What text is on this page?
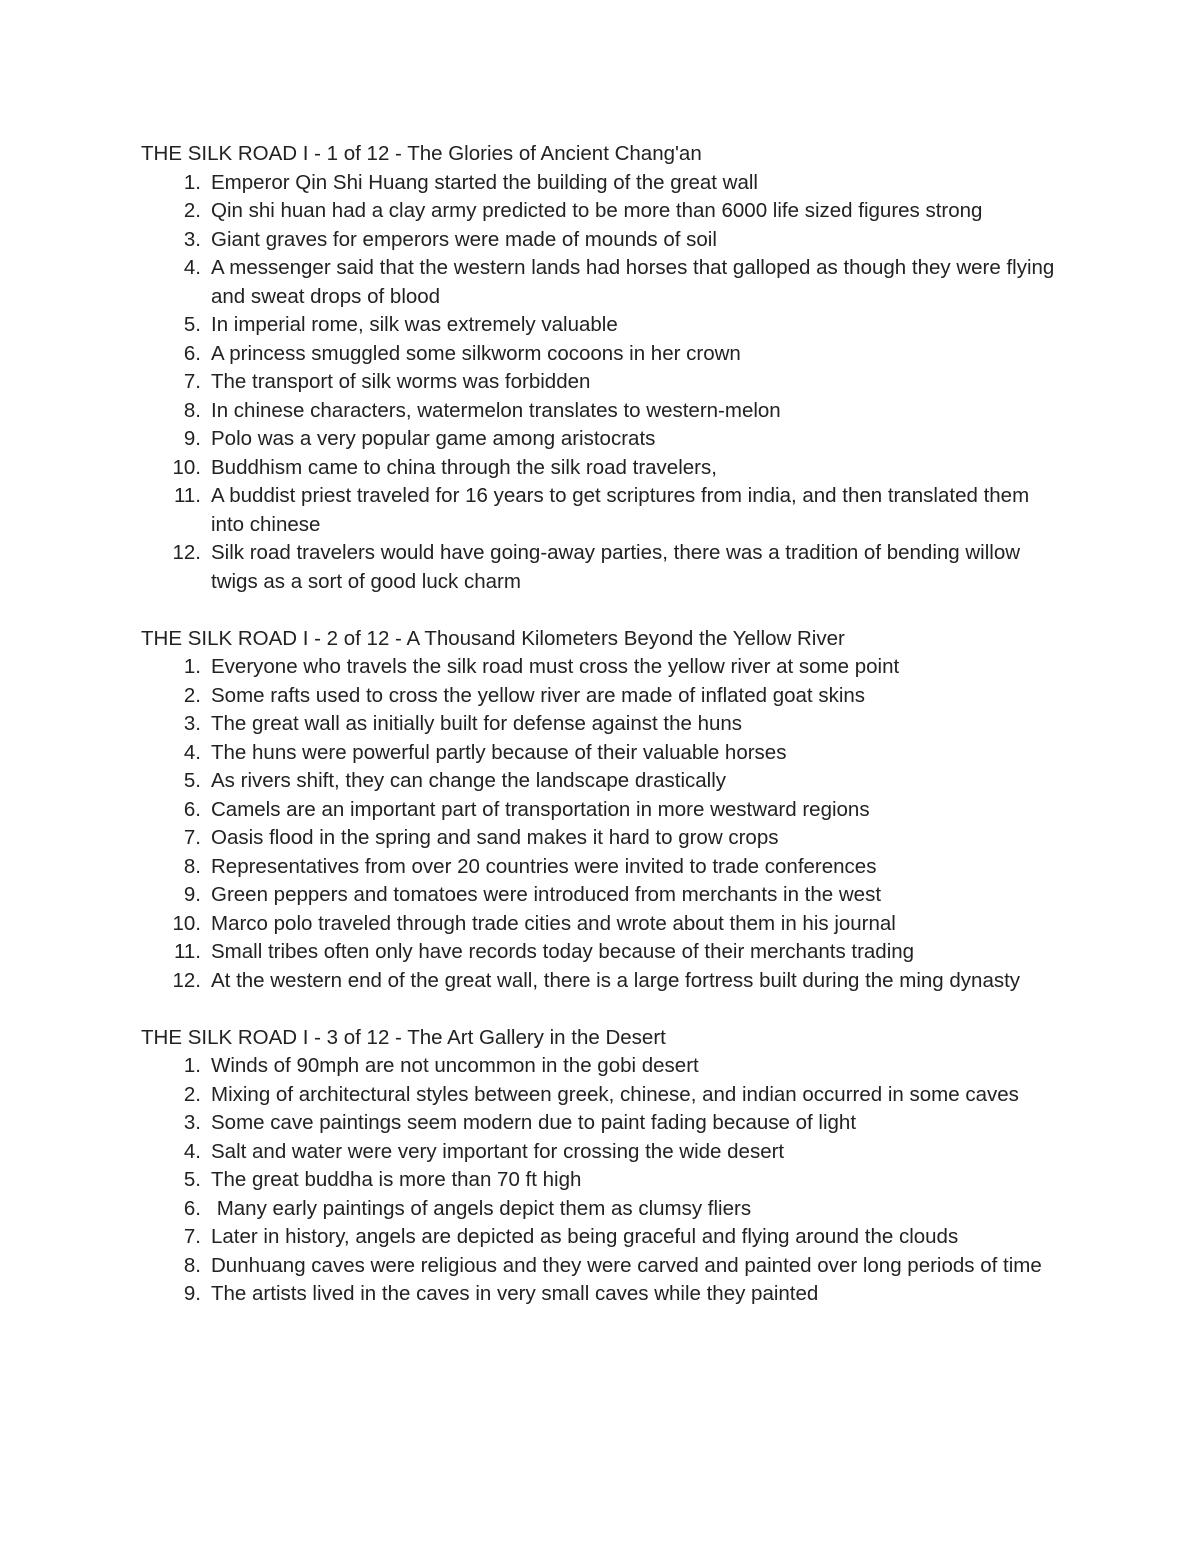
THE SILK ROAD I - 1 of 12 - The Glories of Ancient Chang'an
1. Emperor Qin Shi Huang started the building of the great wall
2. Qin shi huan had a clay army predicted to be more than 6000 life sized figures strong
3. Giant graves for emperors were made of mounds of soil
4. A messenger said that the western lands had horses that galloped as though they were flying and sweat drops of blood
5. In imperial rome, silk was extremely valuable
6. A princess smuggled some silkworm cocoons in her crown
7. The transport of silk worms was forbidden
8. In chinese characters, watermelon translates to western-melon
9. Polo was a very popular game among aristocrats
10. Buddhism came to china through the silk road travelers,
11. A buddist priest traveled for 16 years to get scriptures from india, and then translated them into chinese
12. Silk road travelers would have going-away parties, there was a tradition of bending willow twigs as a sort of good luck charm
THE SILK ROAD I - 2 of 12 - A Thousand Kilometers Beyond the Yellow River
1. Everyone who travels the silk road must cross the yellow river at some point
2. Some rafts used to cross the yellow river are made of inflated goat skins
3. The great wall as initially built for defense against the huns
4. The huns were powerful partly because of their valuable horses
5. As rivers shift, they can change the landscape drastically
6. Camels are an important part of transportation in more westward regions
7. Oasis flood in the spring and sand makes it hard to grow crops
8. Representatives from over 20 countries were invited to trade conferences
9. Green peppers and tomatoes were introduced from merchants in the west
10. Marco polo traveled through trade cities and wrote about them in his journal
11. Small tribes often only have records today because of their merchants trading
12. At the western end of the great wall, there is a large fortress built during the ming dynasty
THE SILK ROAD I - 3 of 12 - The Art Gallery in the Desert
1. Winds of 90mph are not uncommon in the gobi desert
2. Mixing of architectural styles between greek, chinese, and indian occurred in some caves
3. Some cave paintings seem modern due to paint fading because of light
4. Salt and water were very important for crossing the wide desert
5. The great buddha is more than 70 ft high
6. Many early paintings of angels depict them as clumsy fliers
7. Later in history, angels are depicted as being graceful and flying around the clouds
8. Dunhuang caves were religious and they were carved and painted over long periods of time
9. The artists lived in the caves in very small caves while they painted
